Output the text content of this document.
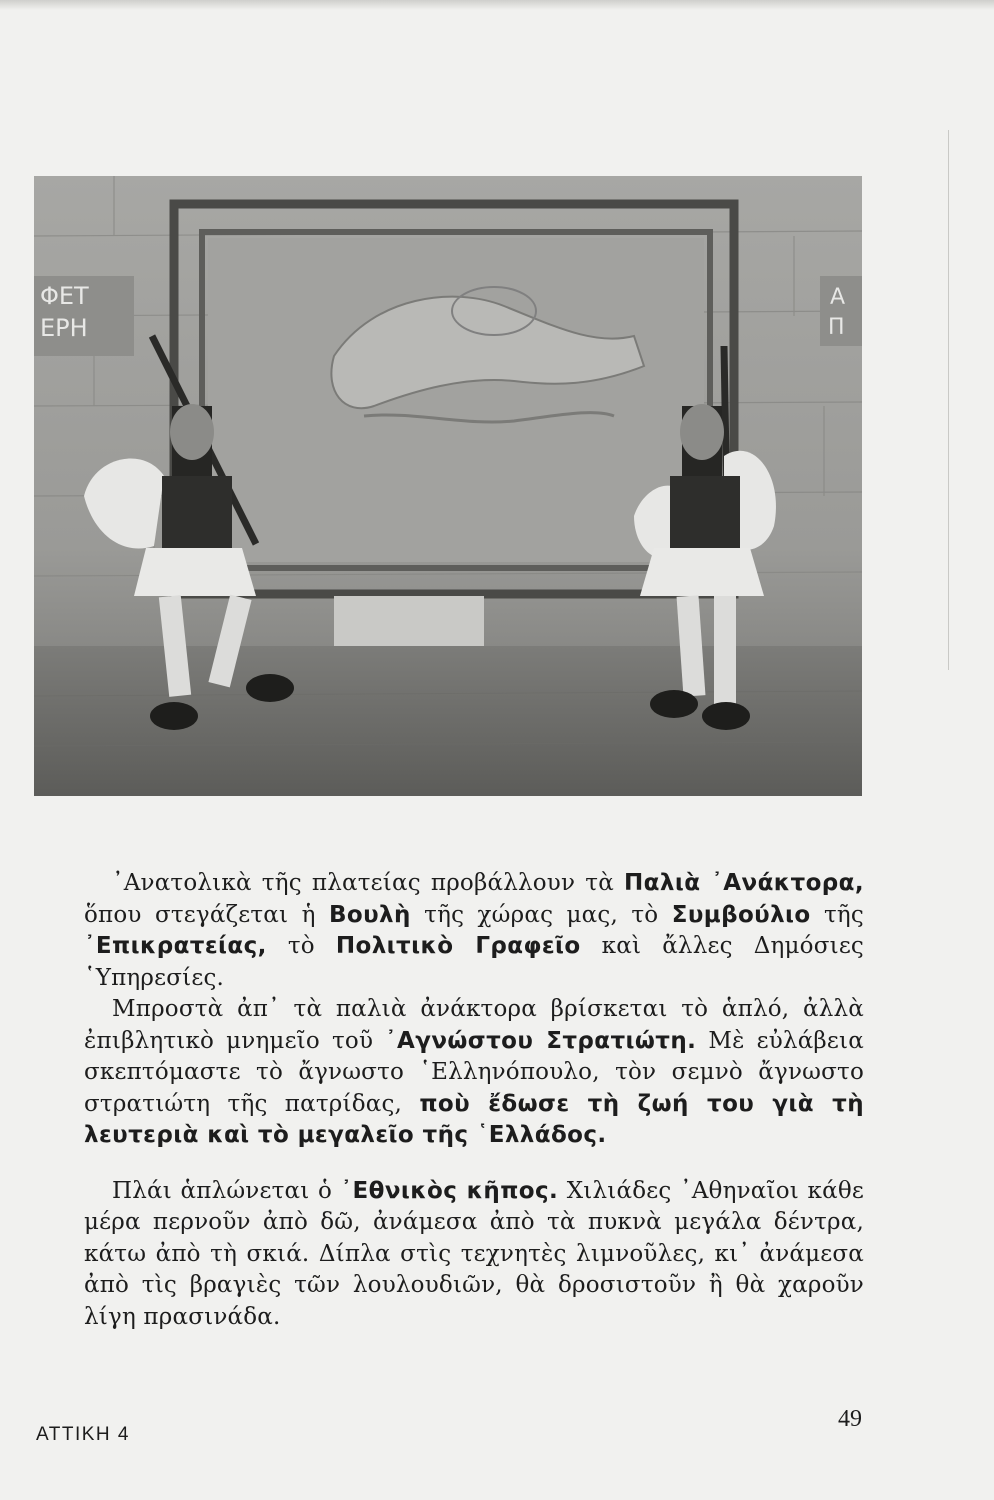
ΦΕΤ
ΕΡΗ
Α
Π

᾽Ανατολικὰ τῆς πλατείας προβάλλουν τὰ Παλιὰ ᾽Ανάκτορα, ὅπου στεγάζεται ἡ Βουλὴ τῆς χώρας μας, τὸ Συμβούλιο τῆς ᾽Επικρατείας, τὸ Πολιτικὸ Γραφεῖο καὶ ἄλλες Δημόσιες ῾Υπηρεσίες.

Μπροστὰ ἀπ᾽ τὰ παλιὰ ἀνάκτορα βρίσκεται τὸ ἁπλό, ἀλλὰ ἐπιβλητικὸ μνημεῖο τοῦ ᾽Αγνώστου Στρατιώτη. Μὲ εὐλάβεια σκεπτόμαστε τὸ ἄγνωστο ῾Ελληνόπουλο, τὸν σεμνὸ ἄγνωστο στρατιώτη τῆς πατρίδας, ποὺ ἔδωσε τὴ ζωή του γιὰ τὴ λευτεριὰ καὶ τὸ μεγαλεῖο τῆς ῾Ελλάδος.

Πλάι ἁπλώνεται ὁ ᾽Εθνικὸς κῆπος. Χιλιάδες ᾽Αθηναῖοι κάθε μέρα περνοῦν ἀπὸ δῶ, ἀνάμεσα ἀπὸ τὰ πυκνὰ μεγάλα δέντρα, κάτω ἀπὸ τὴ σκιά. Δίπλα στὶς τεχνητὲς λιμνοῦλες, κι᾽ ἀνάμεσα ἀπὸ τὶς βραγιὲς τῶν λουλουδιῶν, θὰ δροσιστοῦν ἢ θὰ χαροῦν λίγη πρασινάδα.

ΑΤΤΙΚΗ 4
49
